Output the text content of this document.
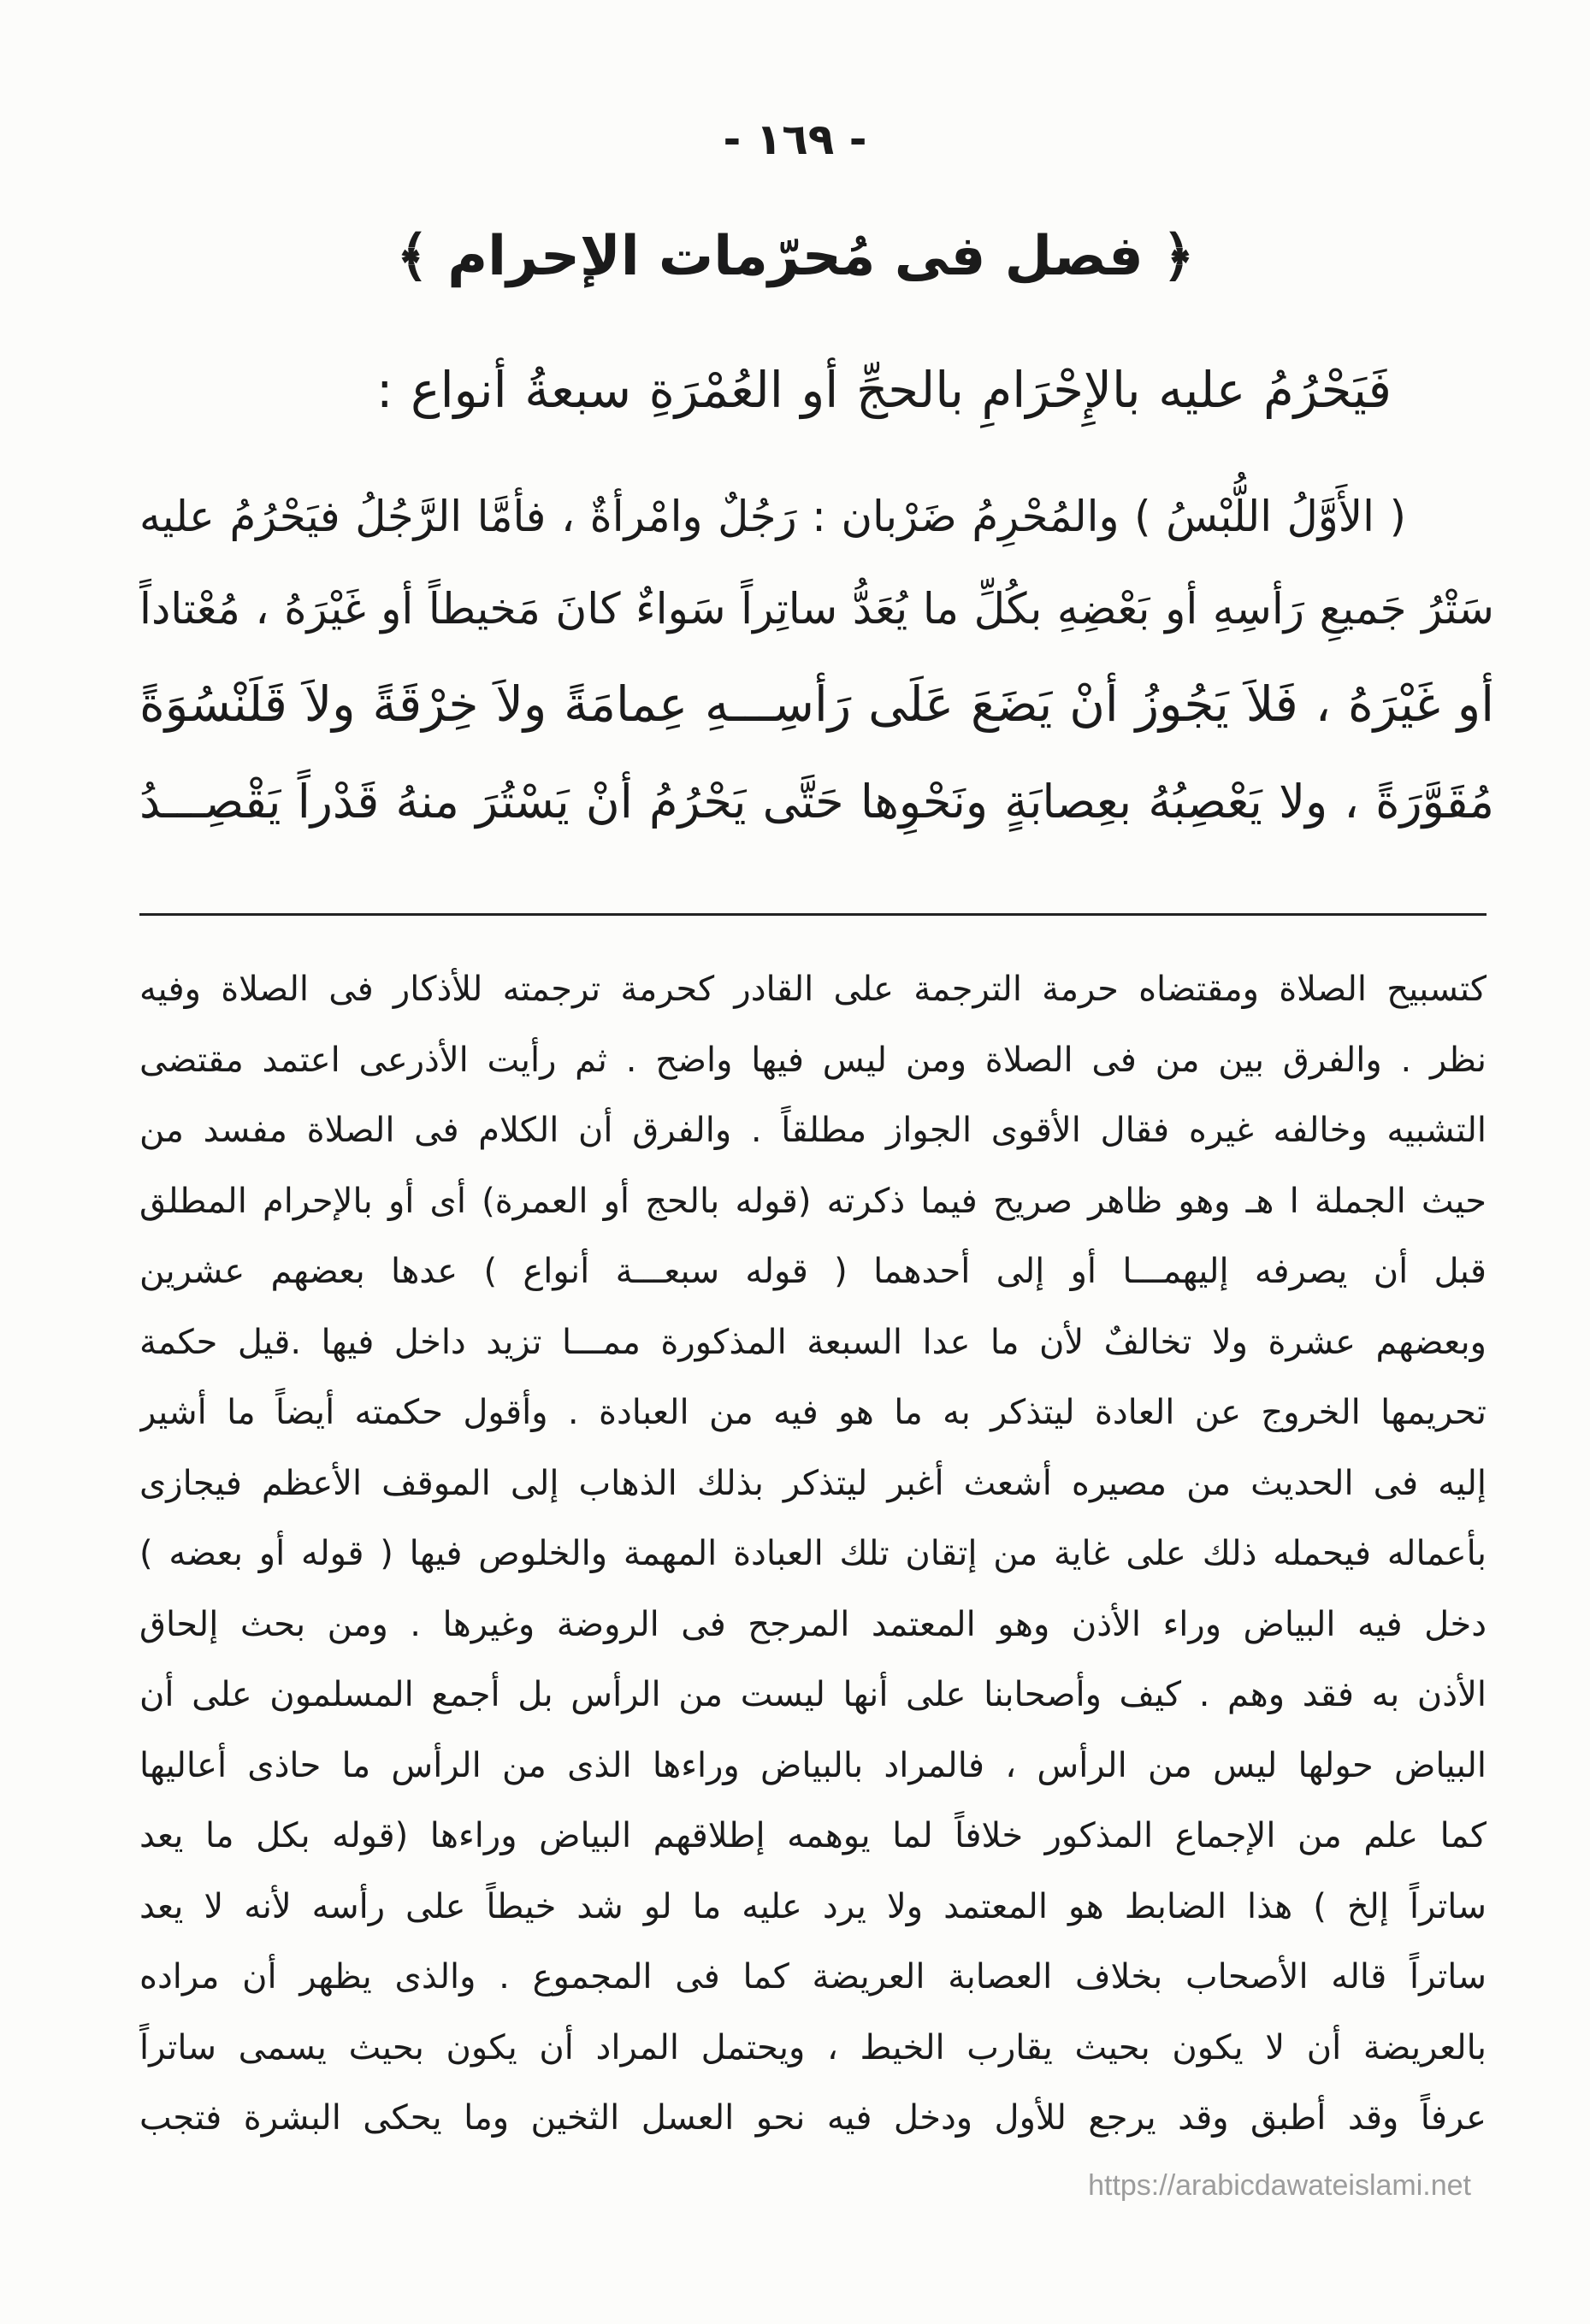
- ١٦٩ -
﴿ فصل فى مُحرّمات الإحرام ﴾
فَيَحْرُمُ عليه بالإِحْرَامِ بالحجِّ أو العُمْرَةِ سبعةُ أنواع :
( الأَوَّلُ اللُّبْسُ ) والمُحْرِمُ ضَرْبان : رَجُلٌ وامْرأةٌ ، فأمَّا الرَّجُلُ فيَحْرُمُ عليه
سَتْرُ جَميعِ رَأسِهِ أو بَعْضِهِ بكُلِّ ما يُعَدُّ ساتِراً سَواءٌ كانَ مَخيطاً أو غَيْرَهُ ، مُعْتاداً
أو غَيْرَهُ ، فَلاَ يَجُوزُ أنْ يَضَعَ عَلَى رَأسِـــهِ عِمامَةً ولاَ خِرْقَةً ولاَ قَلَنْسُوَةً
مُقَوَّرَةً ، ولا يَعْصِبُهُ بعِصابَةٍ ونَحْوِها حَتَّى يَحْرُمُ أنْ يَسْتُرَ منهُ قَدْراً يَقْصِـــدُ
كتسبيح الصلاة ومقتضاه حرمة الترجمة على القادر كحرمة ترجمته للأذكار فى الصلاة وفيه
نظر . والفرق بين من فى الصلاة ومن ليس فيها واضح . ثم رأيت الأذرعى اعتمد مقتضى
التشبيه وخالفه غيره فقال الأقوى الجواز مطلقاً . والفرق أن الكلام فى الصلاة مفسد من
حيث الجملة ا هـ وهو ظاهر صريح فيما ذكرته (قوله بالحج أو العمرة) أى أو بالإحرام المطلق
قبل أن يصرفه إليهمـــا أو إلى أحدهما ( قوله سبعـــة أنواع ) عدها بعضهم عشرين
وبعضهم عشرة ولا تخالفٌ لأن ما عدا السبعة المذكورة ممـــا تزيد داخل فيها .قيل حكمة
تحريمها الخروج عن العادة ليتذكر به ما هو فيه من العبادة . وأقول حكمته أيضاً ما أشير
إليه فى الحديث من مصيره أشعث أغبر ليتذكر بذلك الذهاب إلى الموقف الأعظم فيجازى
بأعماله فيحمله ذلك على غاية من إتقان تلك العبادة المهمة والخلوص فيها ( قوله أو بعضه )
دخل فيه البياض وراء الأذن وهو المعتمد المرجح فى الروضة وغيرها . ومن بحث إلحاق
الأذن به فقد وهم . كيف وأصحابنا على أنها ليست من الرأس بل أجمع المسلمون على أن
البياض حولها ليس من الرأس ، فالمراد بالبياض وراءها الذى من الرأس ما حاذى أعاليها
كما علم من الإجماع المذكور خلافاً لما يوهمه إطلاقهم البياض وراءها (قوله بكل ما يعد
ساتراً إلخ ) هذا الضابط هو المعتمد ولا يرد عليه ما لو شد خيطاً على رأسه لأنه لا يعد
ساتراً قاله الأصحاب بخلاف العصابة العريضة كما فى المجموع . والذى يظهر أن مراده
بالعريضة أن لا يكون بحيث يقارب الخيط ، ويحتمل المراد أن يكون بحيث يسمى ساتراً
عرفاً وقد أطبق وقد يرجع للأول ودخل فيه نحو العسل الثخين وما يحكى البشرة فتجب
https://arabicdawateislami.net
